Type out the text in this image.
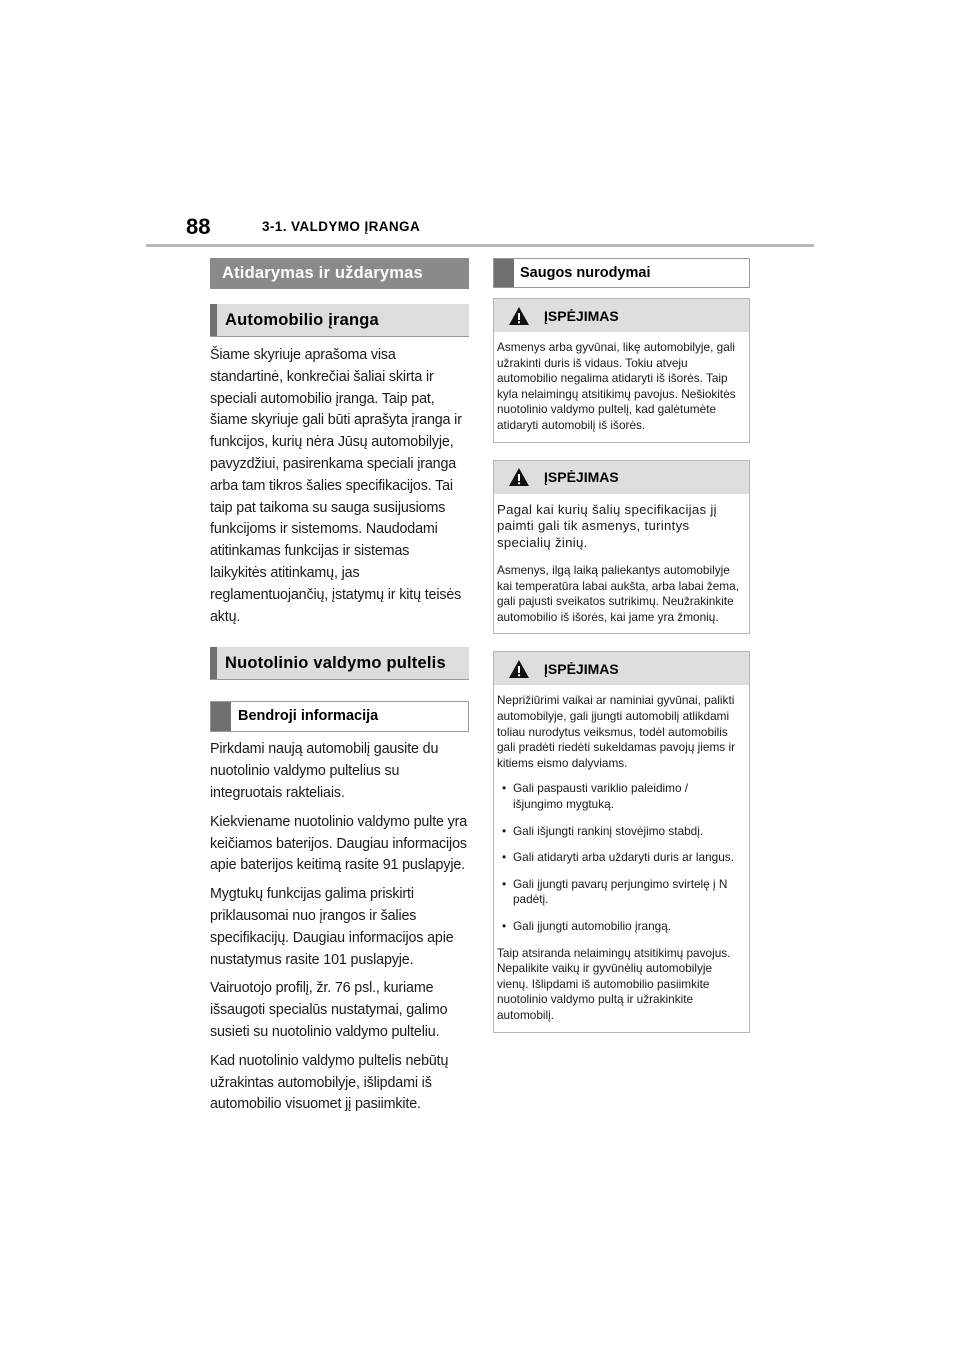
88	3-1. VALDYMO ĮRANGA
Atidarymas ir uždarymas
Automobilio įranga

Šiame skyriuje aprašoma visa standartinė, konkrečiai šaliai skirta ir speciali automobilio įranga. Taip pat, šiame skyriuje gali būti aprašyta įranga ir funkcijos, kurių nėra Jūsų automobilyje, pavyzdžiui, pasirenkama speciali įranga arba tam tikros šalies specifikacijos. Tai taip pat taikoma su sauga susijusioms funkcijoms ir sistemoms. Naudodami atitinkamas funkcijas ir sistemas laikykitės atitinkamų, jas reglamentuojančių, įstatymų ir kitų teisės aktų.

Nuotolinio valdymo pultelis
Bendroji informacija

Pirkdami naują automobilį gausite du nuotolinio valdymo pultelius su integruotais rakteliais.

Kiekviename nuotolinio valdymo pulte yra keičiamos baterijos. Daugiau informacijos apie baterijos keitimą rasite 91 puslapyje.

Mygtukų funkcijas galima priskirti priklausomai nuo įrangos ir šalies specifikacijų. Daugiau informacijos apie nustatymus rasite 101 puslapyje.

Vairuotojo profilį, žr. 76 psl., kuriame išsaugoti specialūs nustatymai, galimo susieti su nuotolinio valdymo pulteliu.

Kad nuotolinio valdymo pultelis nebūtų užrakintas automobilyje, išlipdami iš automobilio visuomet jį pasiimkite.

Saugos nurodymai
ĮSPĖJIMAS

Asmenys arba gyvūnai, likę automobilyje, gali užrakinti duris iš vidaus. Tokiu atveju automobilio negalima atidaryti iš išorės. Taip kyla nelaimingų atsitikimų pavojus. Nešiokitės nuotolinio valdymo pultelį, kad galėtumėte atidaryti automobilį iš išorės.

ĮSPĖJIMAS

Pagal kai kurių šalių specifikacijas jį paimti gali tik asmenys, turintys specialių žinių.

Asmenys, ilgą laiką paliekantys automobilyje kai temperatūra labai aukšta, arba labai žema, gali pajusti sveikatos sutrikimų. Neužrakinkite automobilio iš išorės, kai jame yra žmonių.

ĮSPĖJIMAS

Neprižiūrimi vaikai ar naminiai gyvūnai, palikti automobilyje, gali įjungti automobilį atlikdami toliau nurodytus veiksmus, todėl automobilis gali pradėti riedėti sukeldamas pavojų jiems ir kitiems eismo dalyviams.

• Gali paspausti variklio paleidimo / išjungimo mygtuką.
• Gali išjungti rankinį stovėjimo stabdį.
• Gali atidaryti arba uždaryti duris ar langus.
• Gali įjungti pavarų perjungimo svirtelę į N padėtį.
• Gali įjungti automobilio įrangą.

Taip atsiranda nelaimingų atsitikimų pavojus. Nepalikite vaikų ir gyvūnėlių automobilyje vienų. Išlipdami iš automobilio pasiimkite nuotolinio valdymo pultą ir užrakinkite automobilį.
